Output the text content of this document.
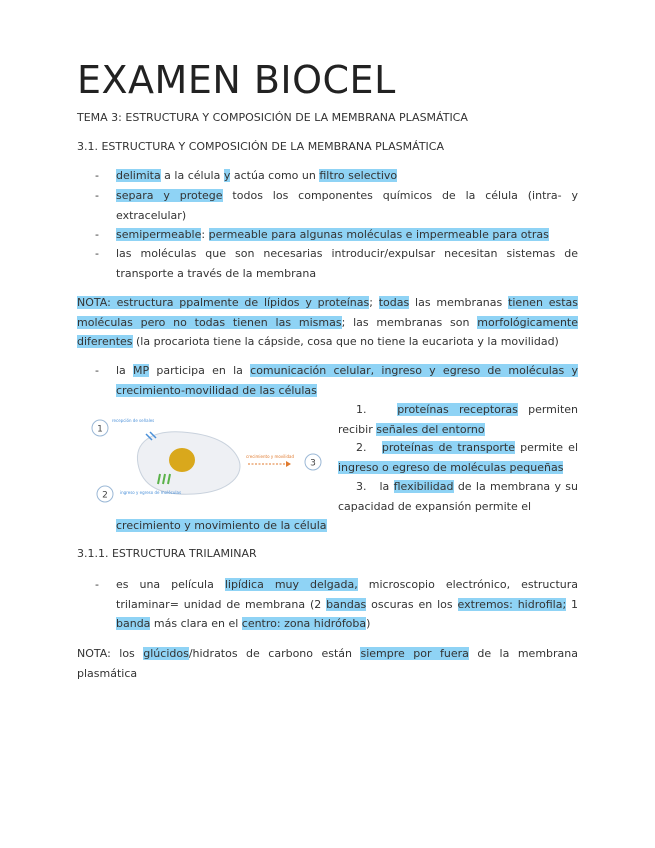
EXAMEN BIOCEL

TEMA 3: ESTRUCTURA Y COMPOSICIÓN DE LA MEMBRANA PLASMÁTICA

3.1. ESTRUCTURA Y COMPOSICIÓN DE LA MEMBRANA PLASMÁTICA

- delimita a la célula y actúa como un filtro selectivo
- separa y protege todos los componentes químicos de la célula (intra- y extracelular)
- semipermeable: permeable para algunas moléculas e impermeable para otras
- las moléculas que son necesarias introducir/expulsar necesitan sistemas de transporte a través de la membrana
NOTA: estructura ppalmente de lípidos y proteínas; todas las membranas tienen estas moléculas pero no todas tienen las mismas; las membranas son morfológicamente diferentes (la procariota tiene la cápside, cosa que no tiene la eucariota y la movilidad)
- la MP participa en la comunicación celular, ingreso y egreso de moléculas y crecimiento-movilidad de las células
1
recepción de señales
crecimiento y movilidad
3
2	ingreso y egreso de moléculas
1.	proteínas receptoras permiten recibir señales del entorno
2. proteínas de transporte permite el ingreso o egreso de moléculas pequeñas
3. la flexibilidad de la membrana y su capacidad de expansión permite el
crecimiento y movimiento de la célula

3.1.1. ESTRUCTURA TRILAMINAR

- es una película lipídica muy delgada, microscopio electrónico, estructura trilaminar= unidad de membrana (2 bandas oscuras en los extremos: hidrofila; 1 banda más clara en el centro: zona hidrófoba)
NOTA: los glúcidos/hidratos de carbono están siempre por fuera de la membrana plasmática
